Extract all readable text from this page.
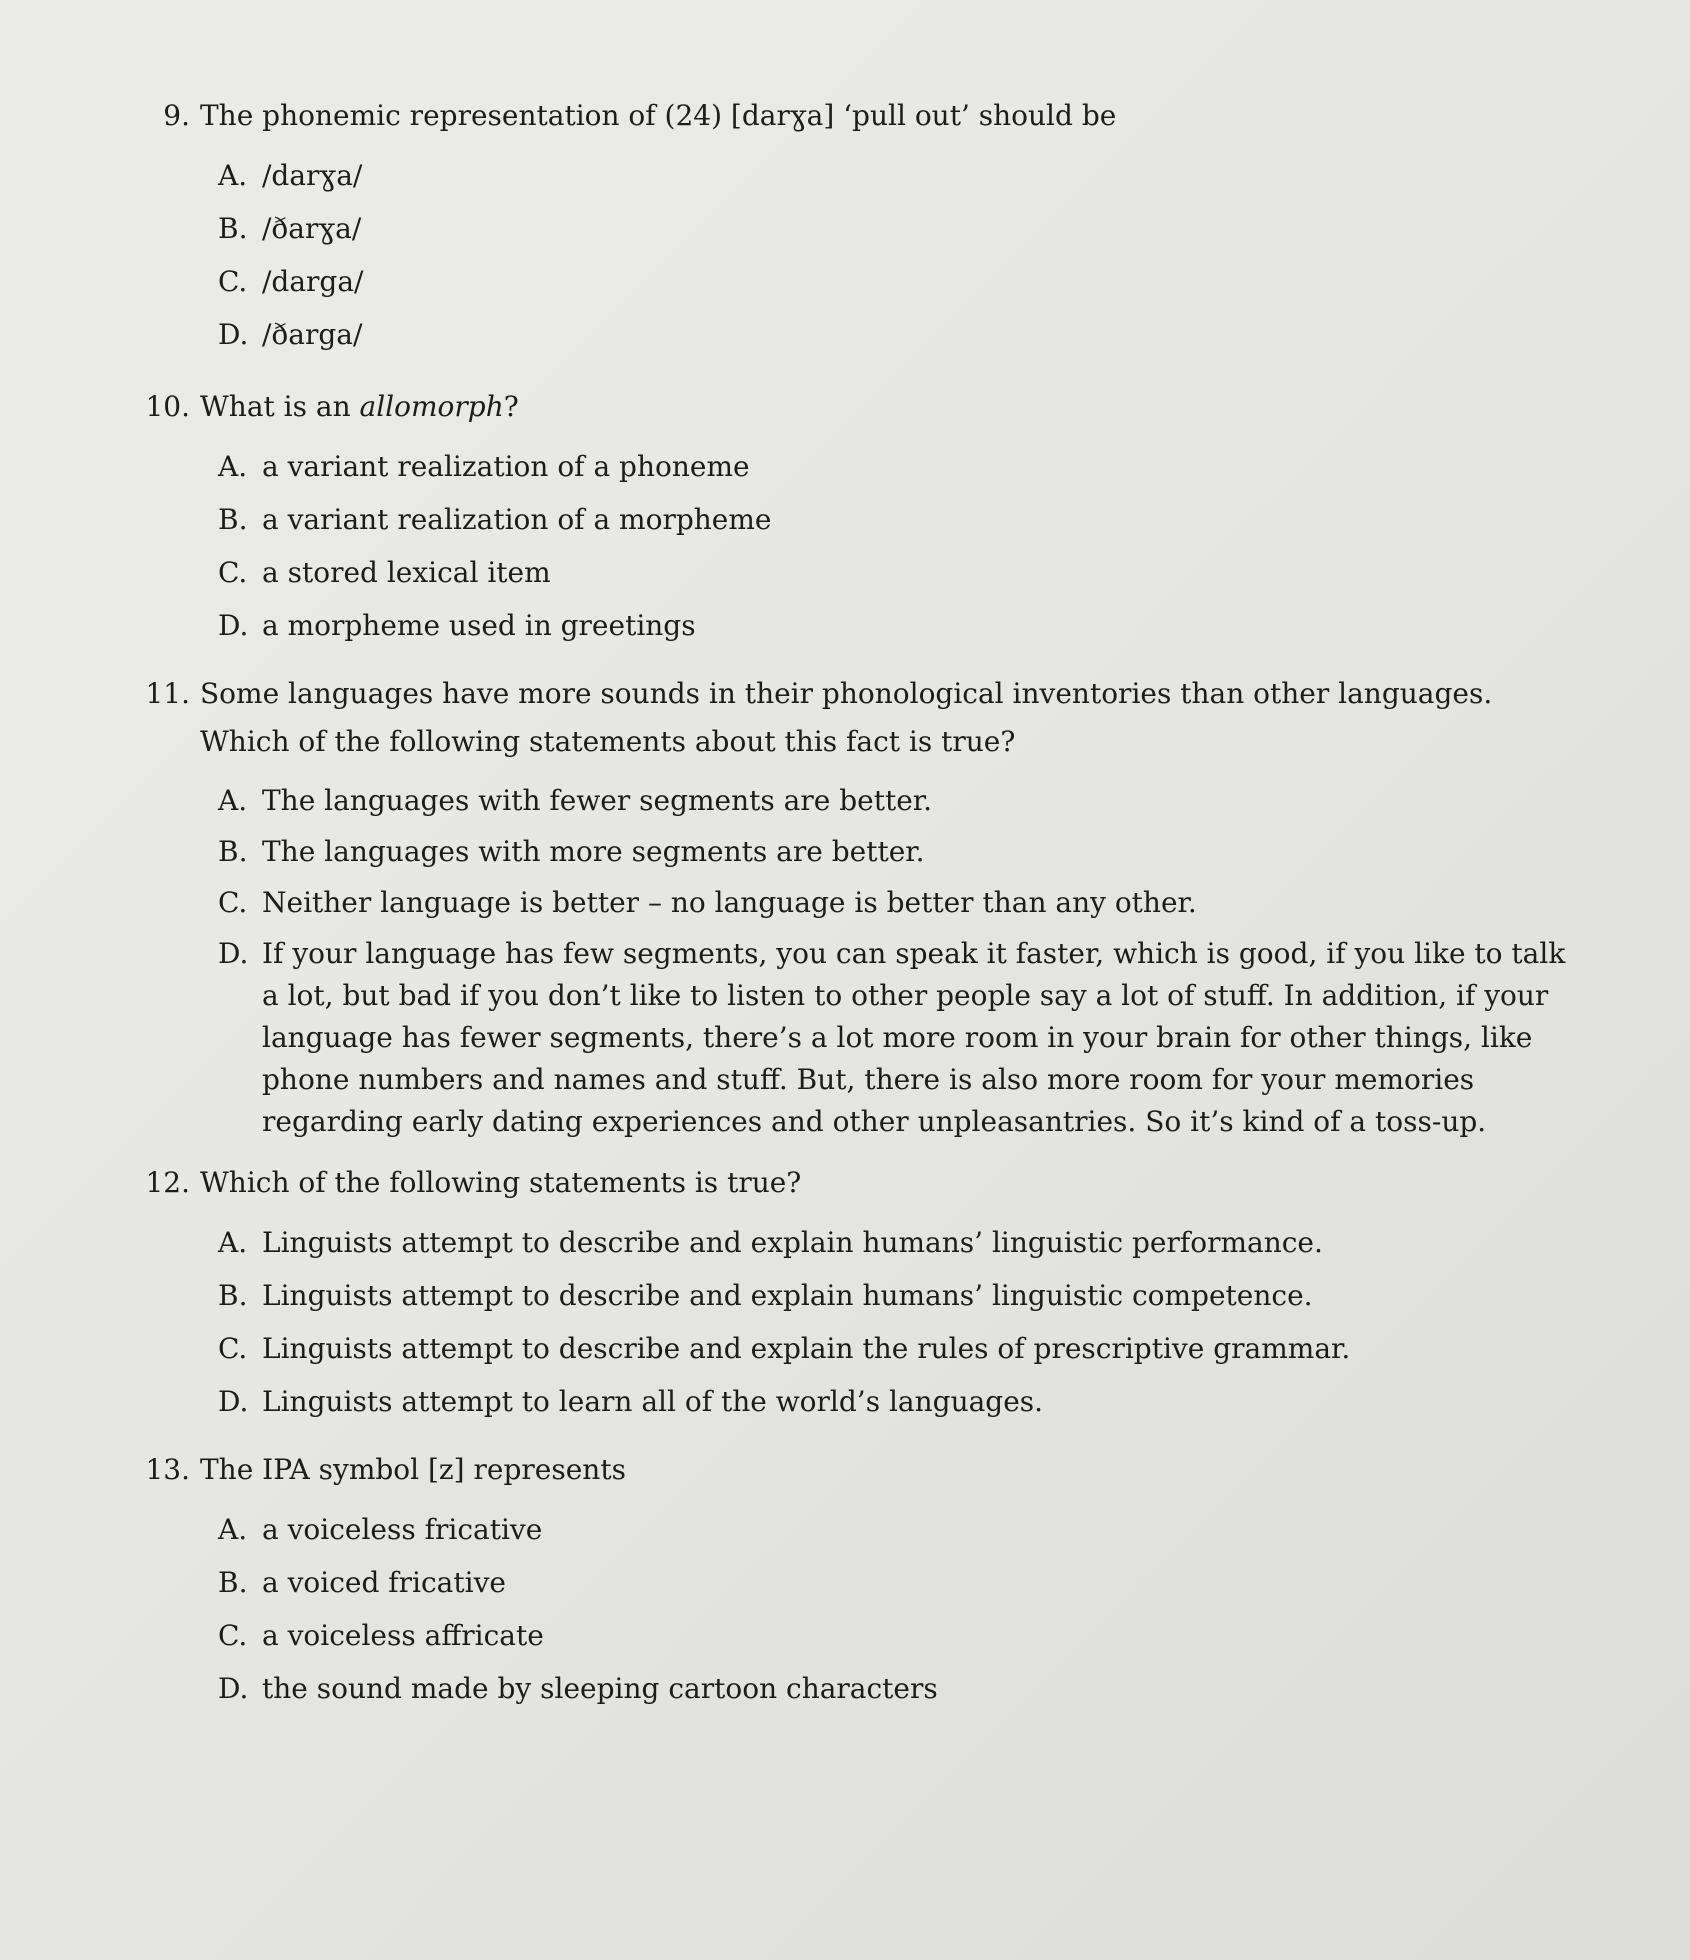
9. The phonemic representation of (24) [darɣa] ‘pull out’ should be
A. /darɣa/
B. /ðarɣa/
C. /darga/
D. /ðarga/
10. What is an allomorph?
A. a variant realization of a phoneme
B. a variant realization of a morpheme
C. a stored lexical item
D. a morpheme used in greetings
11. Some languages have more sounds in their phonological inventories than other languages. Which of the following statements about this fact is true?
A. The languages with fewer segments are better.
B. The languages with more segments are better.
C. Neither language is better – no language is better than any other.
D. If your language has few segments, you can speak it faster, which is good, if you like to talk a lot, but bad if you don’t like to listen to other people say a lot of stuff. In addition, if your language has fewer segments, there’s a lot more room in your brain for other things, like phone numbers and names and stuff. But, there is also more room for your memories regarding early dating experiences and other unpleasantries. So it’s kind of a toss-up.
12. Which of the following statements is true?
A. Linguists attempt to describe and explain humans’ linguistic performance.
B. Linguists attempt to describe and explain humans’ linguistic competence.
C. Linguists attempt to describe and explain the rules of prescriptive grammar.
D. Linguists attempt to learn all of the world’s languages.
13. The IPA symbol [z] represents
A. a voiceless fricative
B. a voiced fricative
C. a voiceless affricate
D. the sound made by sleeping cartoon characters
